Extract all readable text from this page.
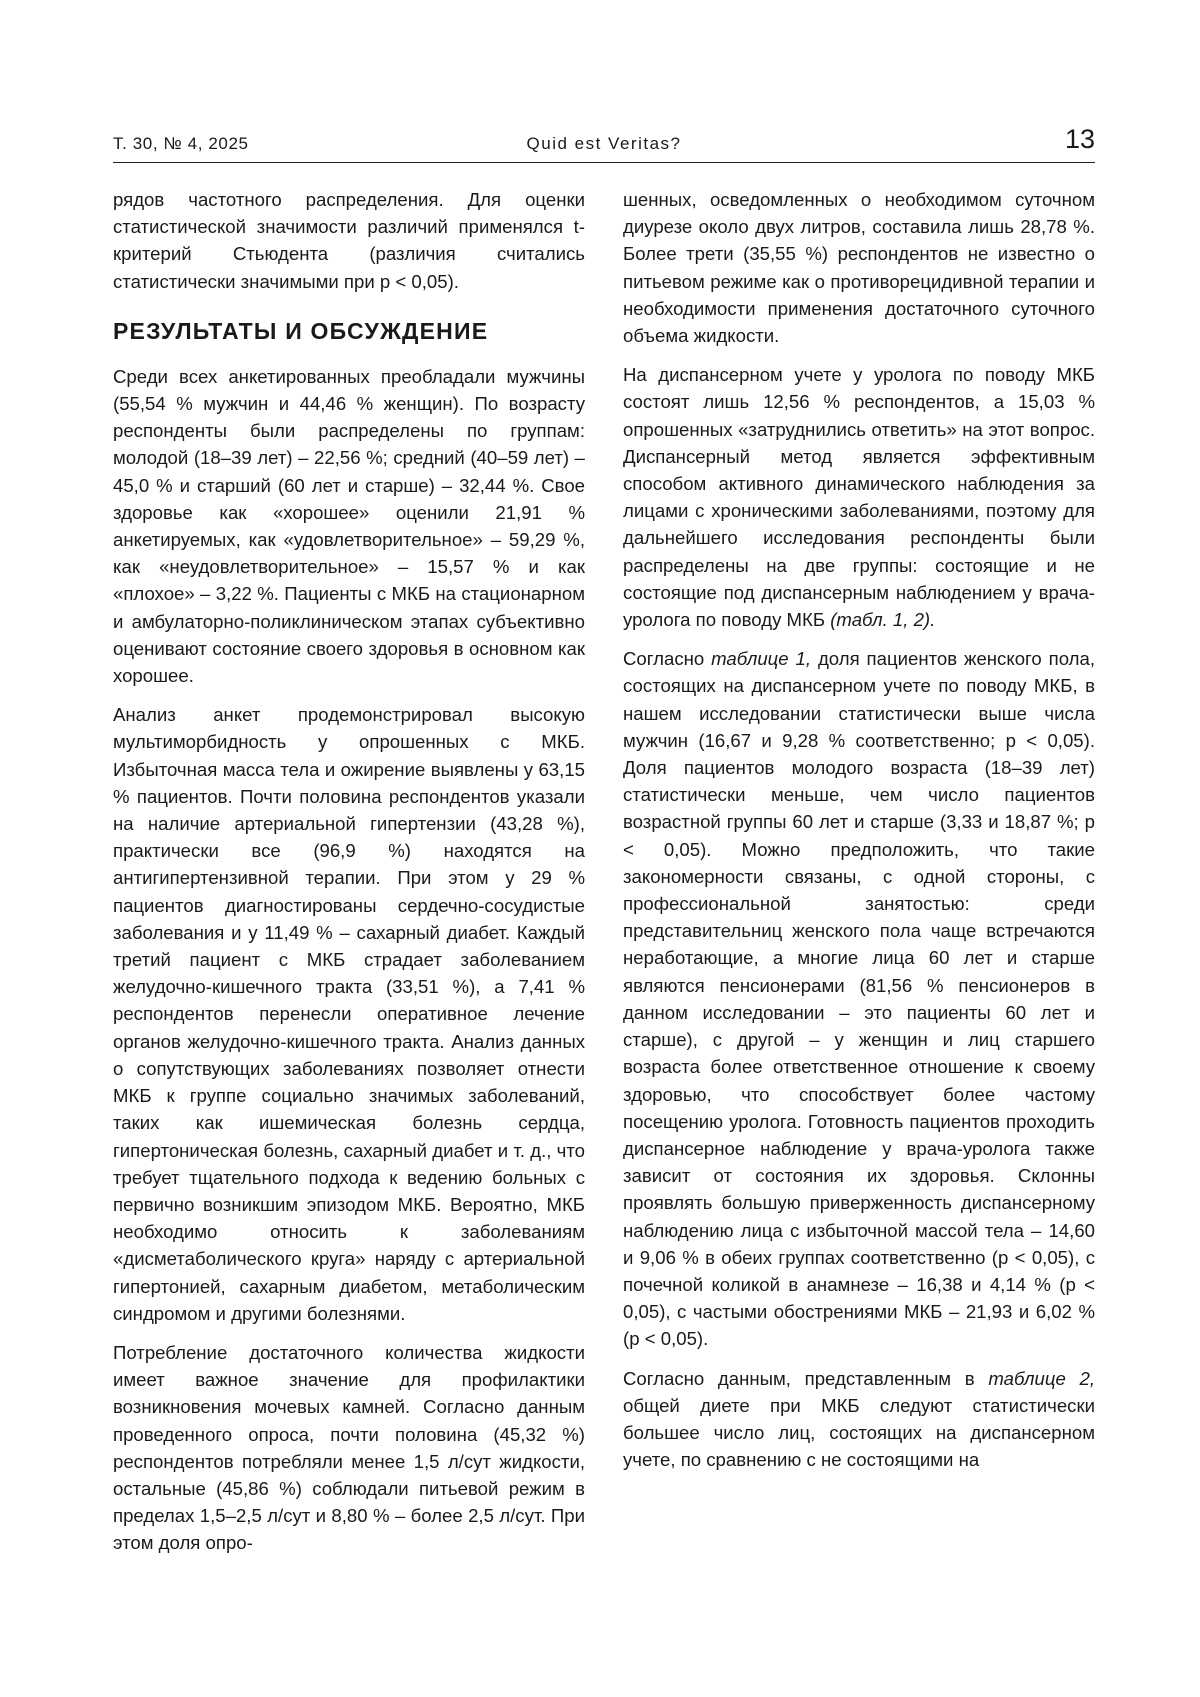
Т. 30, № 4, 2025	Quid est Veritas?	13

рядов частотного распределения. Для оценки статистической значимости различий применялся t-критерий Стьюдента (различия считались статистически значимыми при p < 0,05).

РЕЗУЛЬТАТЫ И ОБСУЖДЕНИЕ

Среди всех анкетированных преобладали мужчины (55,54 % мужчин и 44,46 % женщин). По возрасту респонденты были распределены по группам: молодой (18–39 лет) – 22,56 %; средний (40–59 лет) – 45,0 % и старший (60 лет и старше) – 32,44 %. Свое здоровье как «хорошее» оценили 21,91 % анкетируемых, как «удовлетворительное» – 59,29 %, как «неудовлетворительное» – 15,57 % и как «плохое» – 3,22 %. Пациенты с МКБ на стационарном и амбулаторно-поликлиническом этапах субъективно оценивают состояние своего здоровья в основном как хорошее.

Анализ анкет продемонстрировал высокую мультиморбидность у опрошенных с МКБ. Избыточная масса тела и ожирение выявлены у 63,15 % пациентов. Почти половина респондентов указали на наличие артериальной гипертензии (43,28 %), практически все (96,9 %) находятся на антигипертензивной терапии. При этом у 29 % пациентов диагностированы сердечно-сосудистые заболевания и у 11,49 % – сахарный диабет. Каждый третий пациент с МКБ страдает заболеванием желудочно-кишечного тракта (33,51 %), а 7,41 % респондентов перенесли оперативное лечение органов желудочно-кишечного тракта. Анализ данных о сопутствующих заболеваниях позволяет отнести МКБ к группе социально значимых заболеваний, таких как ишемическая болезнь сердца, гипертоническая болезнь, сахарный диабет и т. д., что требует тщательного подхода к ведению больных с первично возникшим эпизодом МКБ. Вероятно, МКБ необходимо относить к заболеваниям «дисметаболического круга» наряду с артериальной гипертонией, сахарным диабетом, метаболическим синдромом и другими болезнями.

Потребление достаточного количества жидкости имеет важное значение для профилактики возникновения мочевых камней. Согласно данным проведенного опроса, почти половина (45,32 %) респондентов потребляли менее 1,5 л/сут жидкости, остальные (45,86 %) соблюдали питьевой режим в пределах 1,5–2,5 л/сут и 8,80 % – более 2,5 л/сут. При этом доля опро-

шенных, осведомленных о необходимом суточном диурезе около двух литров, составила лишь 28,78 %. Более трети (35,55 %) респондентов не известно о питьевом режиме как о противорецидивной терапии и необходимости применения достаточного суточного объема жидкости.

На диспансерном учете у уролога по поводу МКБ состоят лишь 12,56 % респондентов, а 15,03 % опрошенных «затруднились ответить» на этот вопрос. Диспансерный метод является эффективным способом активного динамического наблюдения за лицами с хроническими заболеваниями, поэтому для дальнейшего исследования респонденты были распределены на две группы: состоящие и не состоящие под диспансерным наблюдением у врача-уролога по поводу МКБ (табл. 1, 2).

Согласно таблице 1, доля пациентов женского пола, состоящих на диспансерном учете по поводу МКБ, в нашем исследовании статистически выше числа мужчин (16,67 и 9,28 % соответственно; p < 0,05). Доля пациентов молодого возраста (18–39 лет) статистически меньше, чем число пациентов возрастной группы 60 лет и старше (3,33 и 18,87 %; p < 0,05). Можно предположить, что такие закономерности связаны, с одной стороны, с профессиональной занятостью: среди представительниц женского пола чаще встречаются неработающие, а многие лица 60 лет и старше являются пенсионерами (81,56 % пенсионеров в данном исследовании – это пациенты 60 лет и старше), с другой – у женщин и лиц старшего возраста более ответственное отношение к своему здоровью, что способствует более частому посещению уролога. Готовность пациентов проходить диспансерное наблюдение у врача-уролога также зависит от состояния их здоровья. Склонны проявлять большую приверженность диспансерному наблюдению лица с избыточной массой тела – 14,60 и 9,06 % в обеих группах соответственно (p < 0,05), с почечной коликой в анамнезе – 16,38 и 4,14 % (p < 0,05), с частыми обострениями МКБ – 21,93 и 6,02 % (p < 0,05).

Согласно данным, представленным в таблице 2, общей диете при МКБ следуют статистически большее число лиц, состоящих на диспансерном учете, по сравнению с не состоящими на
